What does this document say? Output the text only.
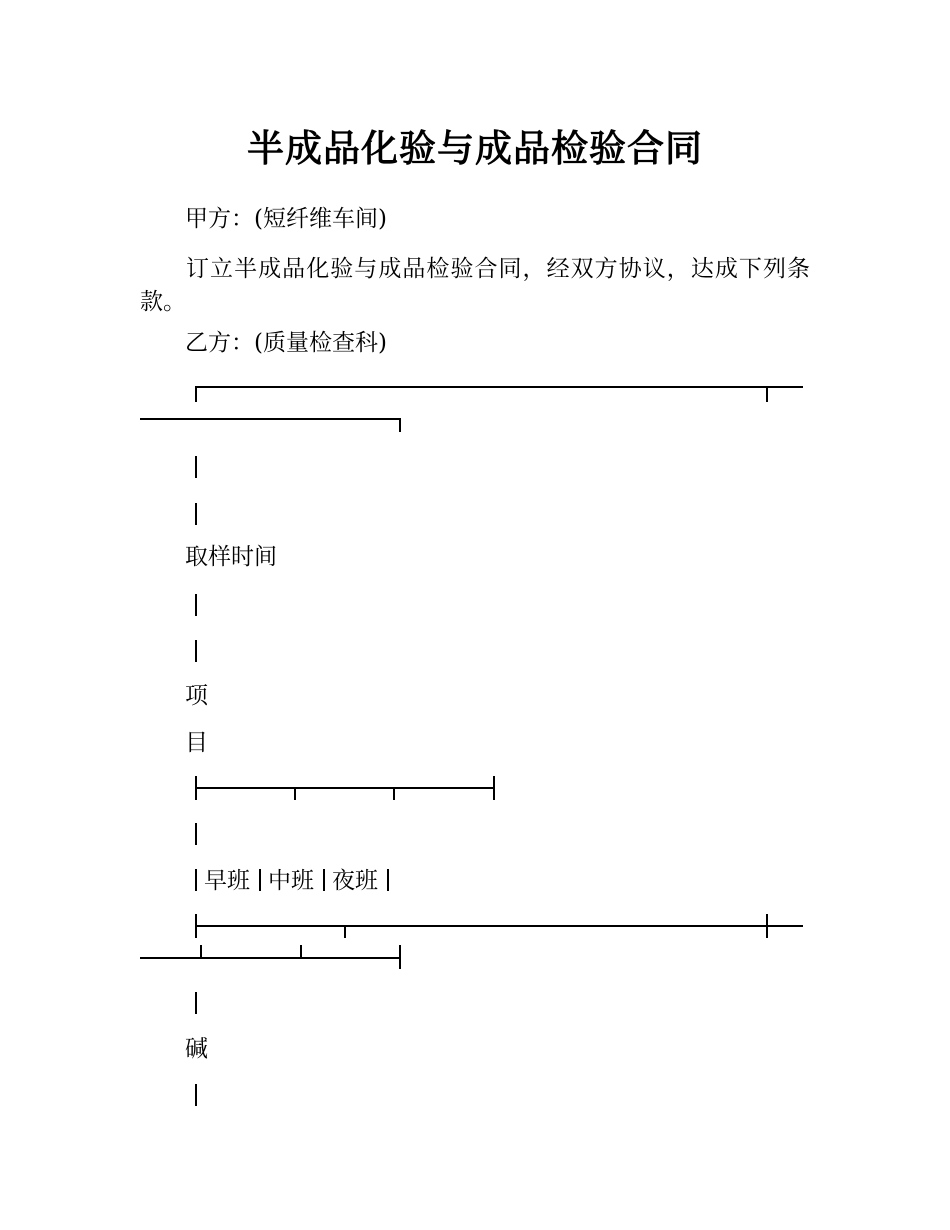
半成品化验与成品检验合同

甲方：(短纤维车间)

订立半成品化验与成品检验合同，经双方协议，达成下列条款。

乙方：(质量检查科)

取样时间

项

目

早班 中班 夜班

碱
